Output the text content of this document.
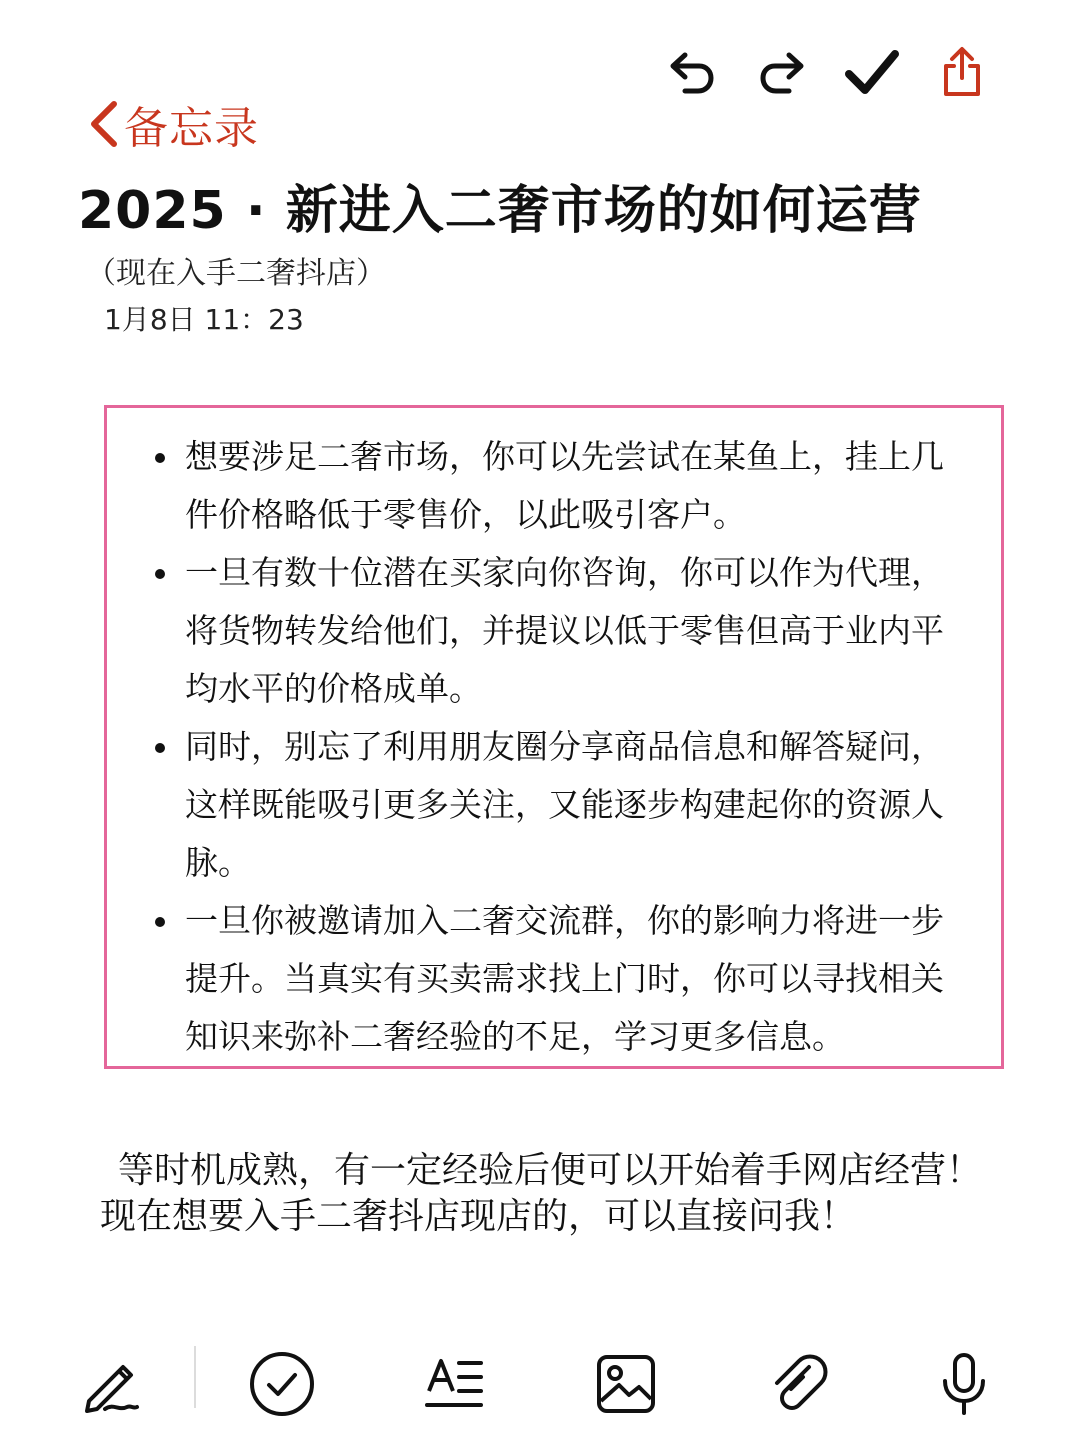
备忘录
2025 · 新进入二奢市场的如何运营
（现在入手二奢抖店）
1月8日 11：23
想要涉足二奢市场，你可以先尝试在某鱼上，挂上几件价格略低于零售价，以此吸引客户。
一旦有数十位潜在买家向你咨询，你可以作为代理，将货物转发给他们，并提议以低于零售但高于业内平均水平的价格成单。
同时，别忘了利用朋友圈分享商品信息和解答疑问，这样既能吸引更多关注，又能逐步构建起你的资源人脉。
一旦你被邀请加入二奢交流群，你的影响力将进一步提升。当真实有买卖需求找上门时，你可以寻找相关知识来弥补二奢经验的不足，学习更多信息。
等时机成熟，有一定经验后便可以开始着手网店经营！现在想要入手二奢抖店现店的，可以直接问我！
